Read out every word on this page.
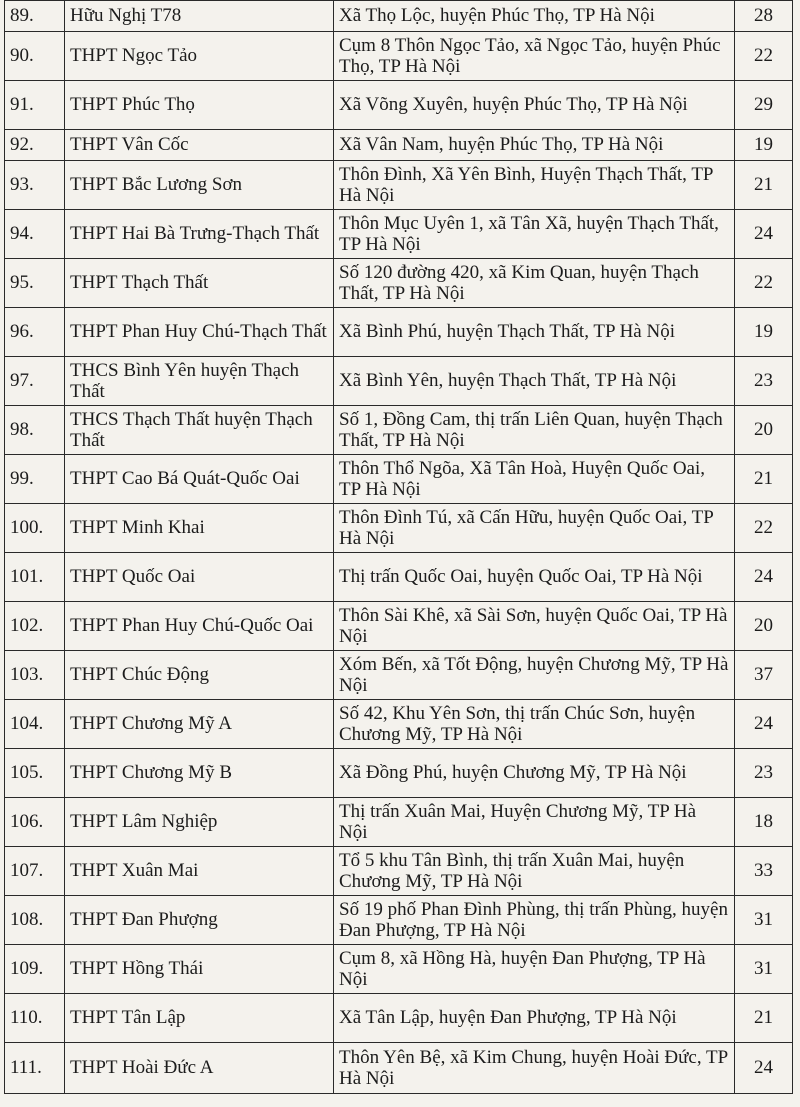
89.	Hữu Nghị T78	Xã Thọ Lộc, huyện Phúc Thọ, TP Hà Nội	28
90.	THPT Ngọc Tảo	Cụm 8 Thôn Ngọc Tảo, xã Ngọc Tảo, huyện Phúc Thọ, TP Hà Nội	22
91.	THPT Phúc Thọ	Xã Võng Xuyên, huyện Phúc Thọ, TP Hà Nội	29
92.	THPT Vân Cốc	Xã Vân Nam, huyện Phúc Thọ, TP Hà Nội	19
93.	THPT Bắc Lương Sơn	Thôn Đình, Xã Yên Bình, Huyện Thạch Thất, TP Hà Nội	21
94.	THPT Hai Bà Trưng-Thạch Thất	Thôn Mục Uyên 1, xã Tân Xã, huyện Thạch Thất, TP Hà Nội	24
95.	THPT Thạch Thất	Số 120 đường 420, xã Kim Quan, huyện Thạch Thất, TP Hà Nội	22
96.	THPT Phan Huy Chú-Thạch Thất	Xã Bình Phú, huyện Thạch Thất, TP Hà Nội	19
97.	THCS Bình Yên huyện Thạch Thất	Xã Bình Yên, huyện Thạch Thất, TP Hà Nội	23
98.	THCS Thạch Thất huyện Thạch Thất	Số 1, Đồng Cam, thị trấn Liên Quan, huyện Thạch Thất, TP Hà Nội	20
99.	THPT Cao Bá Quát-Quốc Oai	Thôn Thổ Ngõa, Xã Tân Hoà, Huyện Quốc Oai, TP Hà Nội	21
100.	THPT Minh Khai	Thôn Đình Tú, xã Cấn Hữu, huyện Quốc Oai, TP Hà Nội	22
101.	THPT Quốc Oai	Thị trấn Quốc Oai, huyện Quốc Oai, TP Hà Nội	24
102.	THPT Phan Huy Chú-Quốc Oai	Thôn Sài Khê, xã Sài Sơn, huyện Quốc Oai, TP Hà Nội	20
103.	THPT Chúc Động	Xóm Bến, xã Tốt Động, huyện Chương Mỹ, TP Hà Nội	37
104.	THPT Chương Mỹ A	Số 42, Khu Yên Sơn, thị trấn Chúc Sơn, huyện Chương Mỹ, TP Hà Nội	24
105.	THPT Chương Mỹ B	Xã Đồng Phú, huyện Chương Mỹ, TP Hà Nội	23
106.	THPT Lâm Nghiệp	Thị trấn Xuân Mai, Huyện Chương Mỹ, TP Hà Nội	18
107.	THPT Xuân Mai	Tổ 5 khu Tân Bình, thị trấn Xuân Mai, huyện Chương Mỹ, TP Hà Nội	33
108.	THPT Đan Phượng	Số 19 phố Phan Đình Phùng, thị trấn Phùng, huyện Đan Phượng, TP Hà Nội	31
109.	THPT Hồng Thái	Cụm 8, xã Hồng Hà, huyện Đan Phượng, TP Hà Nội	31
110.	THPT Tân Lập	Xã Tân Lập, huyện Đan Phượng, TP Hà Nội	21
111.	THPT Hoài Đức A	Thôn Yên Bệ, xã Kim Chung, huyện Hoài Đức, TP Hà Nội	24
